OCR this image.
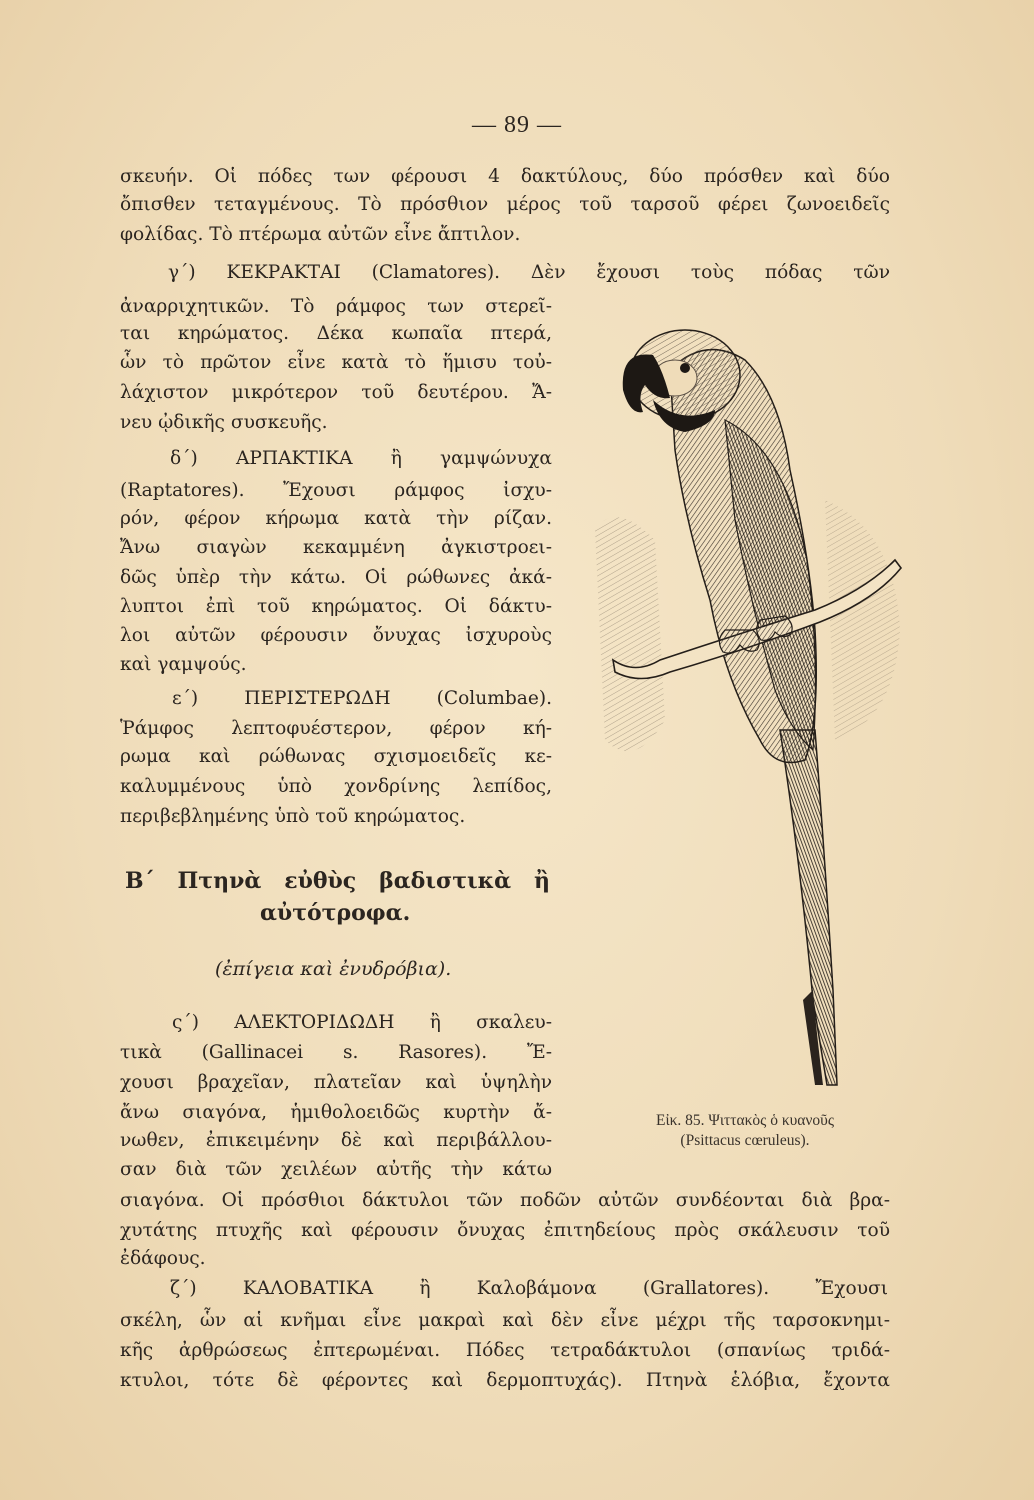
— 89 —
σκευήν. Οἱ πόδες των φέρουσι 4 δακτύλους, δύο πρόσθεν καὶ δύο
ὄπισθεν τεταγμένους. Τὸ πρόσθιον μέρος τοῦ ταρσοῦ φέρει ζωνοειδεῖς
φολίδας. Τὸ πτέρωμα αὐτῶν εἶνε ἄπτιλον.
γ΄) ΚΕΚΡΑΚΤΑΙ (Clamatores). Δὲν ἔχουσι τοὺς πόδας τῶν
ἀναρριχητικῶν. Τὸ ράμφος των στερεῖ-
ται κηρώματος. Δέκα κωπαῖα πτερά,
ὧν τὸ πρῶτον εἶνε κατὰ τὸ ἥμισυ τοὐ-
λάχιστον μικρότερον τοῦ δευτέρου. Ἄ-
νευ ᾠδικῆς συσκευῆς.
δ΄) ΑΡΠΑΚΤΙΚΑ ἢ γαμψώνυχα
(Raptatores). Ἔχουσι ράμφος ἰσχυ-
ρόν, φέρον κήρωμα κατὰ τὴν ρίζαν.
Ἄνω σιαγὼν κεκαμμένη ἀγκιστροει-
δῶς ὑπὲρ τὴν κάτω. Οἱ ρώθωνες ἀκά-
λυπτοι ἐπὶ τοῦ κηρώματος. Οἱ δάκτυ-
λοι αὐτῶν φέρουσιν ὄνυχας ἰσχυροὺς
καὶ γαμψούς.
ε΄) ΠΕΡΙΣΤΕΡΩΔΗ (Columbae).
Ῥάμφος λεπτοφυέστερον, φέρον κή-
ρωμα καὶ ρώθωνας σχισμοειδεῖς κε-
καλυμμένους ὑπὸ χονδρίνης λεπίδος,
περιβεβλημένης ὑπὸ τοῦ κηρώματος.
Β΄ Πτηνὰ εὐθὺς βαδιστικὰ ἢ
αὐτότροφα.
(ἐπίγεια καὶ ἐνυδρόβια).
ς΄) ΑΛΕΚΤΟΡΙΔΩΔΗ ἢ σκαλευ-
τικὰ (Gallinacei s. Rasores). Ἔ-
χουσι βραχεῖαν, πλατεῖαν καὶ ὑψηλὴν
ἄνω σιαγόνα, ἡμιθολοειδῶς κυρτὴν ἄ-
νωθεν, ἐπικειμένην δὲ καὶ περιβάλλου-
σαν διὰ τῶν χειλέων αὐτῆς τὴν κάτω
σιαγόνα. Οἱ πρόσθιοι δάκτυλοι τῶν ποδῶν αὐτῶν συνδέονται διὰ βρα-
χυτάτης πτυχῆς καὶ φέρουσιν ὄνυχας ἐπιτηδείους πρὸς σκάλευσιν τοῦ
ἐδάφους.
ζ΄) ΚΑΛΟΒΑΤΙΚΑ ἢ Καλοβάμονα (Grallatores). Ἔχουσι
σκέλη, ὧν αἱ κνῆμαι εἶνε μακραὶ καὶ δὲν εἶνε μέχρι τῆς ταρσοκνημι-
κῆς ἀρθρώσεως ἐπτερωμέναι. Πόδες τετραδάκτυλοι (σπανίως τριδά-
κτυλοι, τότε δὲ φέροντες καὶ δερμοπτυχάς). Πτηνὰ ἑλόβια, ἔχοντα
Εἰκ. 85. Ψιττακὸς ὁ κυανοῦς
(Psittacus cœruleus).
